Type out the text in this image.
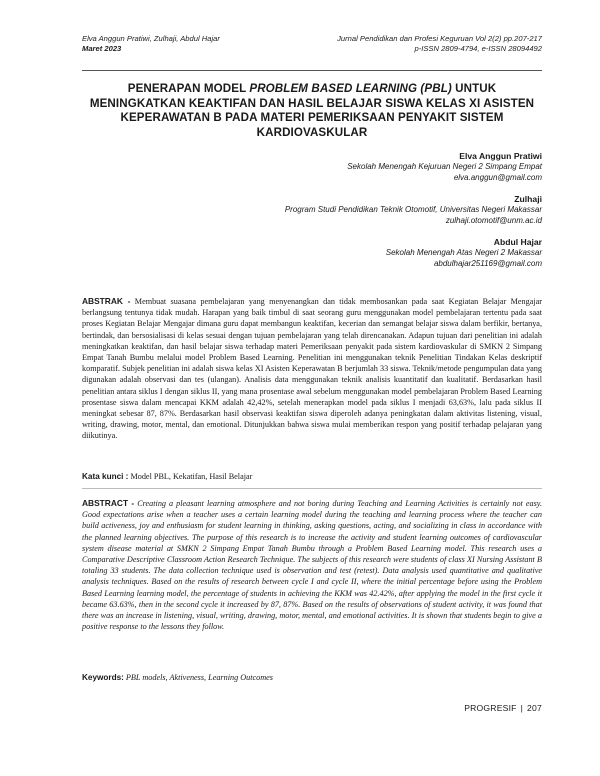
Elva Anggun Pratiwi, Zulhaji, Abdul Hajar
Maret 2023
Jurnal Pendidikan dan Profesi Keguruan Vol 2(2) pp.207-217
p-ISSN 2809-4794, e-ISSN 28094492
PENERAPAN MODEL PROBLEM BASED LEARNING (PBL) UNTUK MENINGKATKAN KEAKTIFAN DAN HASIL BELAJAR SISWA KELAS XI ASISTEN KEPERAWATAN B PADA MATERI PEMERIKSAAN PENYAKIT SISTEM KARDIOVASKULAR
Elva Anggun Pratiwi
Sekolah Menengah Kejuruan Negeri 2 Simpang Empat
elva.anggun@gmail.com
Zulhaji
Program Studi Pendidikan Teknik Otomotif, Universitas Negeri Makassar
zulhaji.otomotif@unm.ac.id
Abdul Hajar
Sekolah Menengah Atas Negeri 2 Makassar
abdulhajar251169@gmail.com
ABSTRAK - Membuat suasana pembelajaran yang menyenangkan dan tidak membosankan pada saat Kegiatan Belajar Mengajar berlangsung tentunya tidak mudah. Harapan yang baik timbul di saat seorang guru menggunakan model pembelajaran tertentu pada saat proses Kegiatan Belajar Mengajar dimana guru dapat membangun keaktifan, kecerian dan semangat belajar siswa dalam berfikir, bertanya, bertindak, dan bersosialisasi di kelas sesuai dengan tujuan pembelajaran yang telah direncanakan. Adapun tujuan dari penelitian ini adalah meningkatkan keaktifan, dan hasil belajar siswa terhadap materi Pemeriksaan penyakit pada sistem kardiovaskular di SMKN 2 Simpang Empat Tanah Bumbu melalui model Problem Based Learning. Penelitian ini menggunakan teknik Penelitian Tindakan Kelas deskriptif komparatif. Subjek penelitian ini adalah siswa kelas XI Asisten Keperawatan B berjumlah 33 siswa. Teknik/metode pengumpulan data yang digunakan adalah observasi dan tes (ulangan). Analisis data menggunakan teknik analisis kuantitatif dan kualitatif. Berdasarkan hasil penelitian antara siklus I dengan siklus II, yang mana prosentase awal sebelum menggunakan model pembelajaran Problem Based Learning prosentase siswa dalam mencapai KKM adalah 42,42%, setelah menerapkan model pada siklus I menjadi 63,63%, lalu pada siklus II meningkat sebesar 87, 87%. Berdasarkan hasil observasi keaktifan siswa diperoleh adanya peningkatan dalam aktivitas listening, visual, writing, drawing, motor, mental, dan emotional. Ditunjukkan bahwa siswa mulai memberikan respon yang positif terhadap pelajaran yang diikutinya.
Kata kunci : Model PBL, Kekatifan, Hasil Belajar
ABSTRACT - Creating a pleasant learning atmosphere and not boring during Teaching and Learning Activities is certainly not easy. Good expectations arise when a teacher uses a certain learning model during the teaching and learning process where the teacher can build activeness, joy and enthusiasm for student learning in thinking, asking questions, acting, and socializing in class in accordance with the planned learning objectives. The purpose of this research is to increase the activity and student learning outcomes of cardiovascular system disease material at SMKN 2 Simpang Empat Tanah Bumbu through a Problem Based Learning model. This research uses a Comparative Descriptive Classroom Action Research Technique. The subjects of this research were students of class XI Nursing Assistant B totaling 33 students. The data collection technique used is observation and test (retest). Data analysis used quantitative and qualitative analysis techniques. Based on the results of research between cycle I and cycle II, where the initial percentage before using the Problem Based Learning learning model, the percentage of students in achieving the KKM was 42.42%, after applying the model in the first cycle it became 63.63%, then in the second cycle it increased by 87, 87%. Based on the results of observations of student activity, it was found that there was an increase in listening, visual, writing, drawing, motor, mental, and emotional activities. It is shown that students begin to give a positive response to the lessons they follow.
Keywords: PBL models, Aktiveness, Learning Outcomes
PROGRESIF | 207
